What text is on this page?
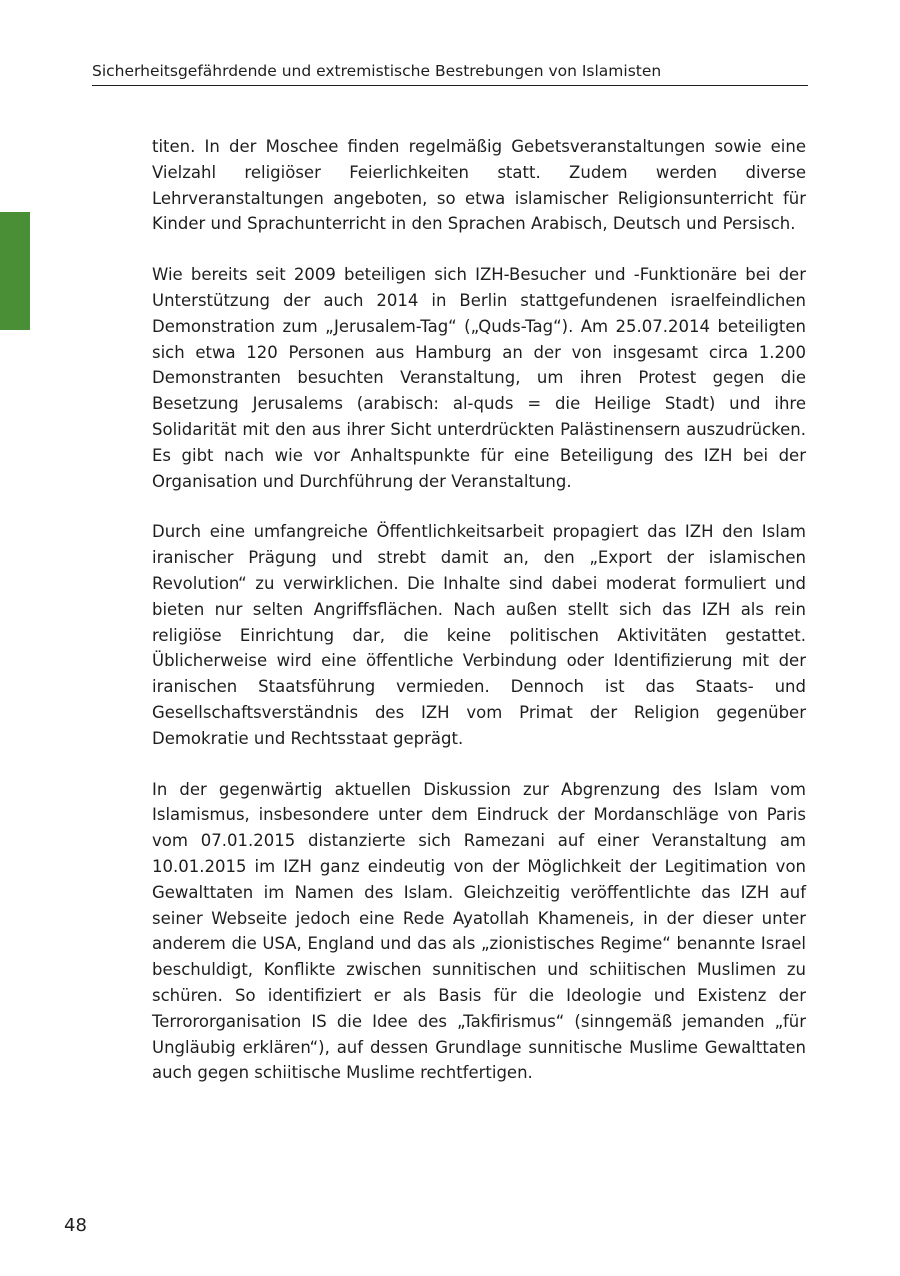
Sicherheitsgefährdende und extremistische Bestrebungen von Islamisten

titen. In der Moschee finden regelmäßig Gebetsveranstaltungen sowie eine Vielzahl religiöser Feierlichkeiten statt. Zudem werden diverse Lehrveranstaltungen angeboten, so etwa islamischer Religionsunterricht für Kinder und Sprachunterricht in den Sprachen Arabisch, Deutsch und Persisch.

Wie bereits seit 2009 beteiligen sich IZH-Besucher und -Funktionäre bei der Unterstützung der auch 2014 in Berlin stattgefundenen israelfeindlichen Demonstration zum „Jerusalem-Tag“ („Quds-Tag“). Am 25.07.2014 beteiligten sich etwa 120 Personen aus Hamburg an der von insgesamt circa 1.200 Demonstranten besuchten Veranstaltung, um ihren Protest gegen die Besetzung Jerusalems (arabisch: al-quds = die Heilige Stadt) und ihre Solidarität mit den aus ihrer Sicht unterdrückten Palästinensern auszudrücken. Es gibt nach wie vor Anhaltspunkte für eine Beteiligung des IZH bei der Organisation und Durchführung der Veranstaltung.

Durch eine umfangreiche Öffentlichkeitsarbeit propagiert das IZH den Islam iranischer Prägung und strebt damit an, den „Export der islamischen Revolution“ zu verwirklichen. Die Inhalte sind dabei moderat formuliert und bieten nur selten Angriffsflächen. Nach außen stellt sich das IZH als rein religiöse Einrichtung dar, die keine politischen Aktivitäten gestattet. Üblicherweise wird eine öffentliche Verbindung oder Identifizierung mit der iranischen Staatsführung vermieden. Dennoch ist das Staats- und Gesellschaftsverständnis des IZH vom Primat der Religion gegenüber Demokratie und Rechtsstaat geprägt.

In der gegenwärtig aktuellen Diskussion zur Abgrenzung des Islam vom Islamismus, insbesondere unter dem Eindruck der Mordanschläge von Paris vom 07.01.2015 distanzierte sich Ramezani auf einer Veranstaltung am 10.01.2015 im IZH ganz eindeutig von der Möglichkeit der Legitimation von Gewalttaten im Namen des Islam. Gleichzeitig veröffentlichte das IZH auf seiner Webseite jedoch eine Rede Ayatollah Khameneis, in der dieser unter anderem die USA, England und das als „zionistisches Regime“ benannte Israel beschuldigt, Konflikte zwischen sunnitischen und schiitischen Muslimen zu schüren. So identifiziert er als Basis für die Ideologie und Existenz der Terrororganisation IS die Idee des „Takfirismus“ (sinngemäß jemanden „für Ungläubig erklären“), auf dessen Grundlage sunnitische Muslime Gewalttaten auch gegen schiitische Muslime rechtfertigen.

48
